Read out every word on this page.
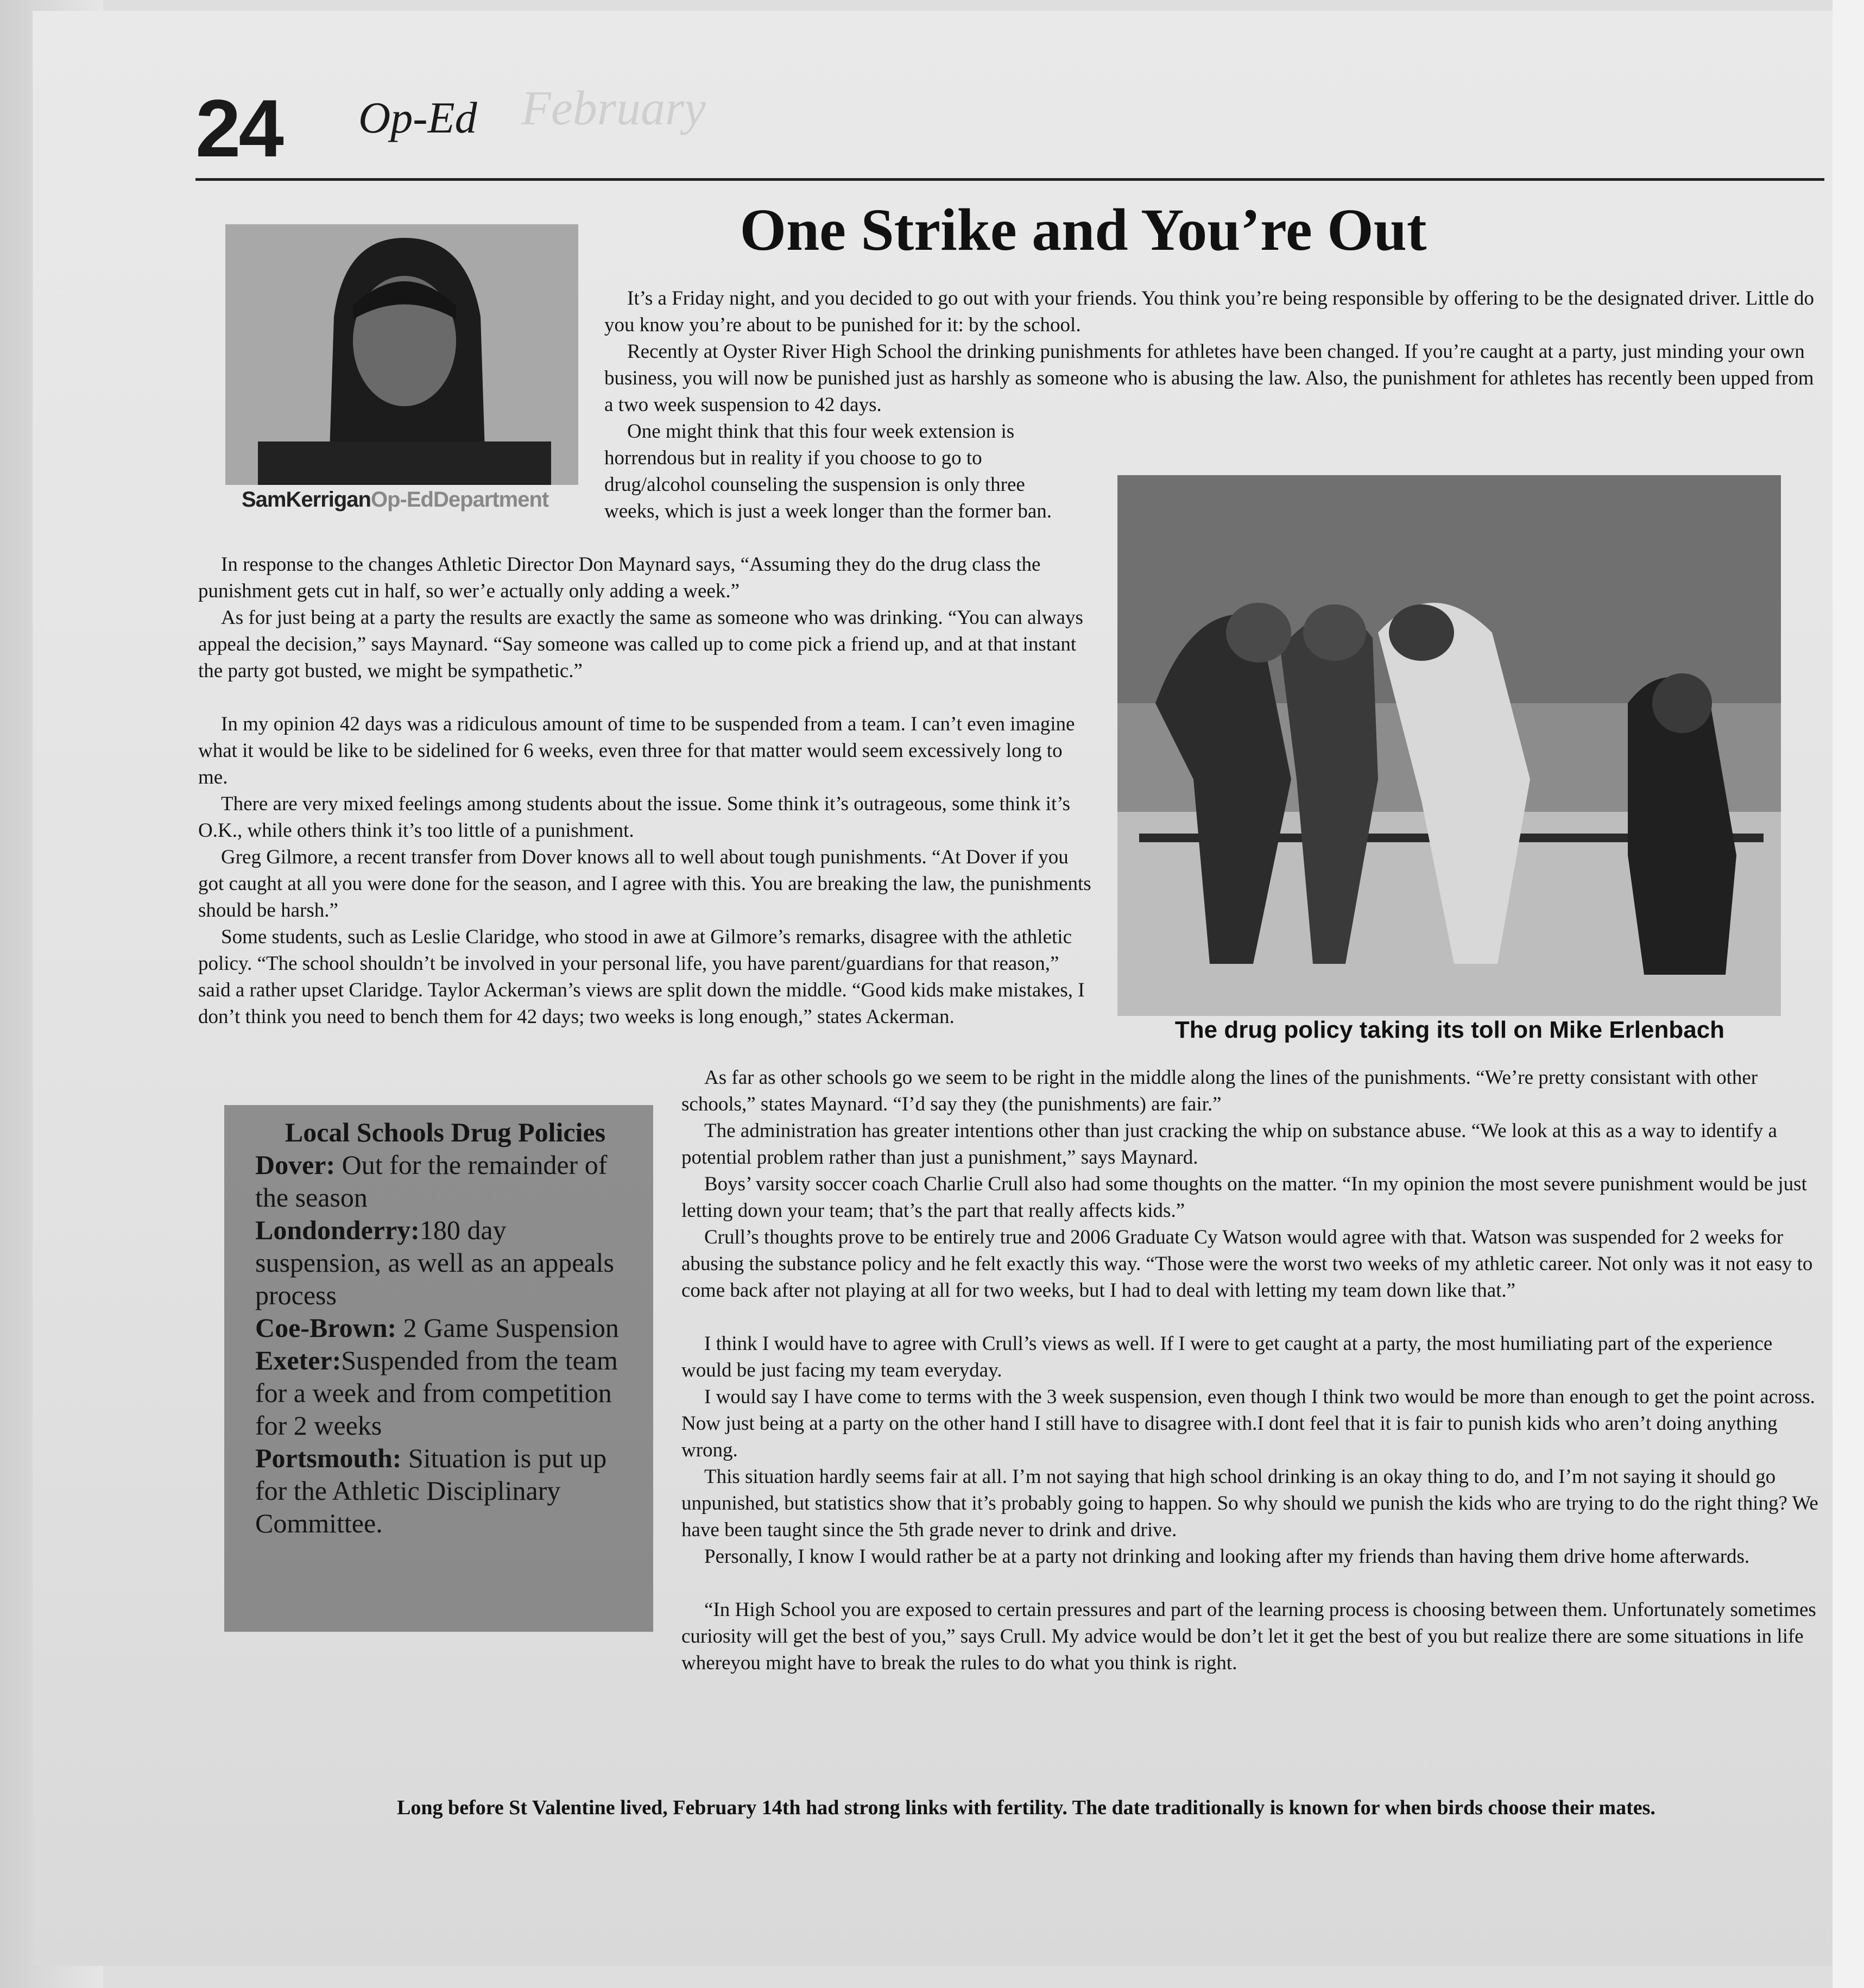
February
24 Op-Ed
One Strike and You’re Out
SamKerriganOp-EdDepartment
The drug policy taking its toll on Mike Erlenbach

It’s a Friday night, and you decided to go out with your friends. You think you’re being responsible by offering to be the designated driver. Little do you know you’re about to be punished for it: by the school.

Recently at Oyster River High School the drinking punishments for athletes have been changed. If you’re caught at a party, just minding your own business, you will now be punished just as harshly as someone who is abusing the law. Also, the punishment for athletes has recently been upped from a two week suspension to 42 days.

One might think that this four week extension is horrendous but in reality if you choose to go to drug/alcohol counseling the suspension is only three weeks, which is just a week longer than the former ban.

In response to the changes Athletic Director Don Maynard says, “Assuming they do the drug class the punishment gets cut in half, so wer’e actually only adding a week.”

As for just being at a party the results are exactly the same as someone who was drinking. “You can always appeal the decision,” says Maynard. “Say someone was called up to come pick a friend up, and at that instant the party got busted, we might be sympathetic.”

In my opinion 42 days was a ridiculous amount of time to be suspended from a team. I can’t even imagine what it would be like to be sidelined for 6 weeks, even three for that matter would seem excessively long to me.

There are very mixed feelings among students about the issue. Some think it’s outrageous, some think it’s O.K., while others think it’s too little of a punishment.

Greg Gilmore, a recent transfer from Dover knows all to well about tough punishments. “At Dover if you got caught at all you were done for the season, and I agree with this. You are breaking the law, the punishments should be harsh.”

Some students, such as Leslie Claridge, who stood in awe at Gilmore’s remarks, disagree with the athletic policy. “The school shouldn’t be involved in your personal life, you have parent/guardians for that reason,” said a rather upset Claridge. Taylor Ackerman’s views are split down the middle. “Good kids make mistakes, I don’t think you need to bench them for 42 days; two weeks is long enough,” states Ackerman.

As far as other schools go we seem to be right in the middle along the lines of the punishments. “We’re pretty consistant with other schools,” states Maynard. “I’d say they (the punishments) are fair.”

The administration has greater intentions other than just cracking the whip on substance abuse. “We look at this as a way to identify a potential problem rather than just a punishment,” says Maynard.

Boys’ varsity soccer coach Charlie Crull also had some thoughts on the matter. “In my opinion the most severe punishment would be just letting down your team; that’s the part that really affects kids.”

Crull’s thoughts prove to be entirely true and 2006 Graduate Cy Watson would agree with that. Watson was suspended for 2 weeks for abusing the substance policy and he felt exactly this way. “Those were the worst two weeks of my athletic career. Not only was it not easy to come back after not playing at all for two weeks, but I had to deal with letting my team down like that.”

I think I would have to agree with Crull’s views as well. If I were to get caught at a party, the most humiliating part of the experience would be just facing my team everyday.

I would say I have come to terms with the 3 week suspension, even though I think two would be more than enough to get the point across. Now just being at a party on the other hand I still have to disagree with.I dont feel that it is fair to punish kids who aren’t doing anything wrong.

This situation hardly seems fair at all. I’m not saying that high school drinking is an okay thing to do, and I’m not saying it should go unpunished, but statistics show that it’s probably going to happen. So why should we punish the kids who are trying to do the right thing? We have been taught since the 5th grade never to drink and drive.

Personally, I know I would rather be at a party not drinking and looking after my friends than having them drive home afterwards.

“In High School you are exposed to certain pressures and part of the learning process is choosing between them. Unfortunately sometimes curiosity will get the best of you,” says Crull. My advice would be don’t let it get the best of you but realize there are some situations in life whereyou might have to break the rules to do what you think is right.

Local Schools Drug Policies
Dover: Out for the remainder of the season
Londonderry:180 day suspension, as well as an appeals process
Coe-Brown: 2 Game Suspension
Exeter:Suspended from the team for a week and from competition for 2 weeks
Portsmouth: Situation is put up for the Athletic Disciplinary Committee.
Long before St Valentine lived, February 14th had strong links with fertility. The date traditionally is known for when birds choose their mates.
